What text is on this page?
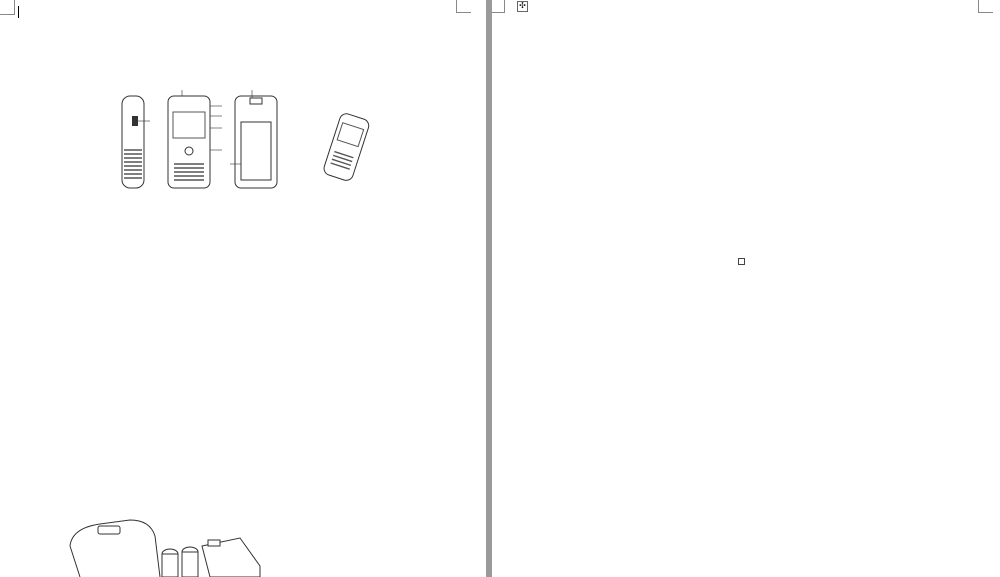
✣
